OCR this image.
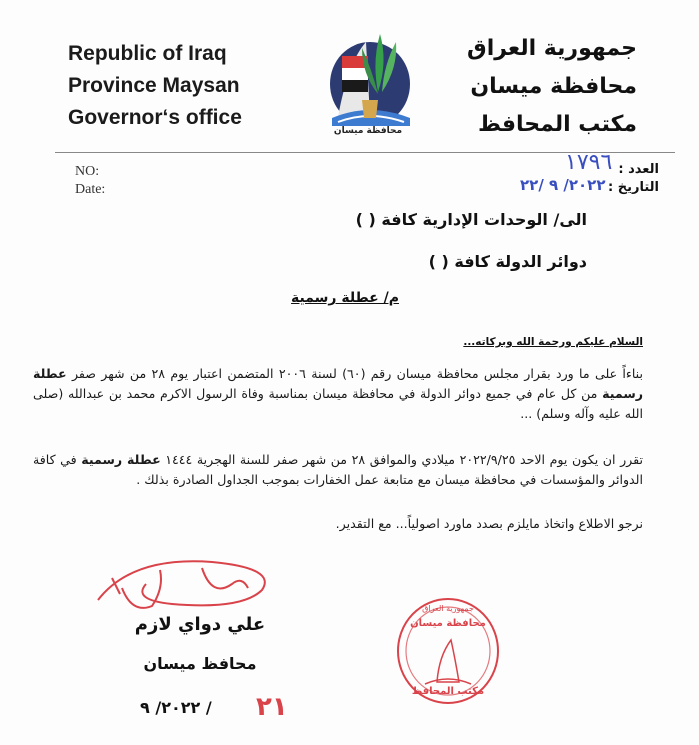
Republic of Iraq
Province Maysan
Governor‘s office
جمهورية العراق
محافظة ميسان
مكتب المحافظ
محافظة ميسان
NO:
Date:
العدد :
التاريخ :
١٧٩٦
٢٠٢٢/ ٩ /٢٢
الى/ الوحدات الإدارية كافة ( )
دوائر الدولة كافة ( )
م/ عطلة رسمية
السلام عليكم ورحمة الله وبركاته...
بناءاً على ما ورد بقرار مجلس محافظة ميسان رقم (٦٠) لسنة ٢٠٠٦ المتضمن اعتبار يوم ٢٨ من شهر صفر عطلة رسمية من كل عام في جميع دوائر الدولة في محافظة ميسان بمناسبة وفاة الرسول الاكرم محمد بن عبدالله (صلى الله عليه وآله وسلم) ...
تقرر ان يكون يوم الاحد ٢٠٢٢/٩/٢٥ ميلادي والموافق ٢٨ من شهر صفر للسنة الهجرية ١٤٤٤ عطلة رسمية في كافة الدوائر والمؤسسات في محافظة ميسان مع متابعة عمل الخفارات بموجب الجداول الصادرة بذلك .
نرجو الاطلاع واتخاذ مايلزم بصدد ماورد اصولياً... مع التقدير.
علي دواي لازم
محافظ ميسان
٢٠٢٢/ ٩ / ٢١
جمهورية العراق
محافظة ميسان
مكتب المحافظ
